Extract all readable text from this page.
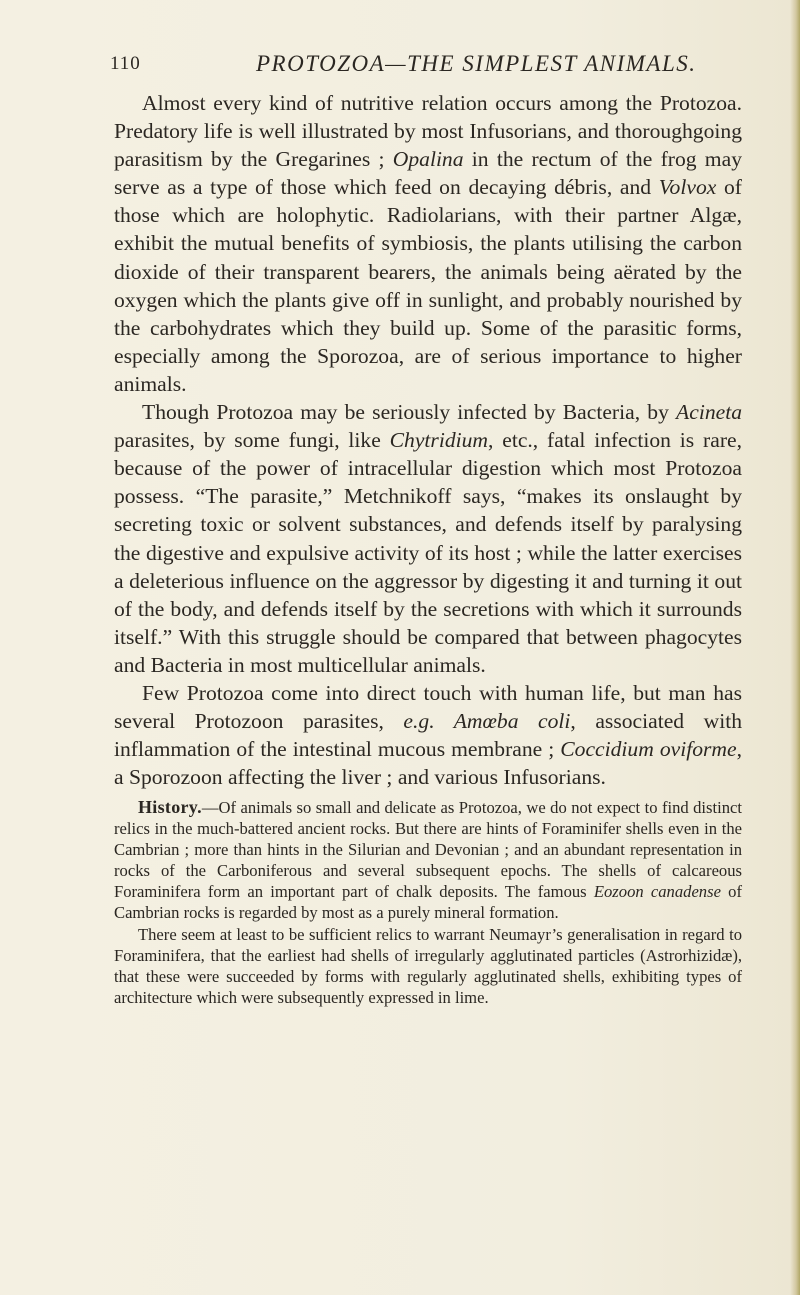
110	PROTOZOA—THE SIMPLEST ANIMALS.

Almost every kind of nutritive relation occurs among the Protozoa. Predatory life is well illustrated by most Infusorians, and thoroughgoing parasitism by the Gregarines ; Opalina in the rectum of the frog may serve as a type of those which feed on decaying débris, and Volvox of those which are holophytic. Radiolarians, with their partner Algæ, exhibit the mutual benefits of symbiosis, the plants utilising the carbon dioxide of their transparent bearers, the animals being aërated by the oxygen which the plants give off in sunlight, and probably nourished by the carbohydrates which they build up. Some of the parasitic forms, especially among the Sporozoa, are of serious importance to higher animals.

Though Protozoa may be seriously infected by Bacteria, by Acineta parasites, by some fungi, like Chytridium, etc., fatal infection is rare, because of the power of intracellular digestion which most Protozoa possess. “The parasite,” Metchnikoff says, “makes its onslaught by secreting toxic or solvent substances, and defends itself by paralysing the digestive and expulsive activity of its host ; while the latter exercises a deleterious influence on the aggressor by digesting it and turning it out of the body, and defends itself by the secretions with which it surrounds itself.” With this struggle should be compared that between phagocytes and Bacteria in most multicellular animals.

Few Protozoa come into direct touch with human life, but man has several Protozoon parasites, e.g. Amœba coli, associated with inflammation of the intestinal mucous membrane ; Coccidium oviforme, a Sporozoon affecting the liver ; and various Infusorians.

History.—Of animals so small and delicate as Protozoa, we do not expect to find distinct relics in the much-battered ancient rocks. But there are hints of Foraminifer shells even in the Cambrian ; more than hints in the Silurian and Devonian ; and an abundant representation in rocks of the Carboniferous and several subsequent epochs. The shells of calcareous Foraminifera form an important part of chalk deposits. The famous Eozoon canadense of Cambrian rocks is regarded by most as a purely mineral formation.

There seem at least to be sufficient relics to warrant Neumayr’s generalisation in regard to Foraminifera, that the earliest had shells of irregularly agglutinated particles (Astrorhizidæ), that these were succeeded by forms with regularly agglutinated shells, exhibiting types of architecture which were subsequently expressed in lime.
